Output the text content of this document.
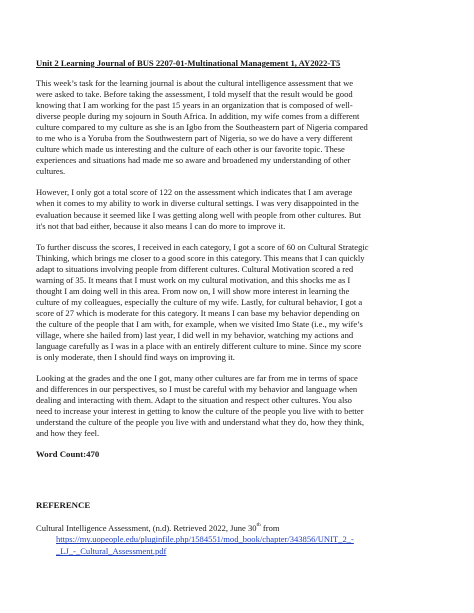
Unit 2 Learning Journal of BUS 2207-01-Multinational Management 1, AY2022-T5
This week’s task for the learning journal is about the cultural intelligence assessment that we
were asked to take. Before taking the assessment, I told myself that the result would be good
knowing that I am working for the past 15 years in an organization that is composed of well-
diverse people during my sojourn in South Africa. In addition, my wife comes from a different
culture compared to my culture as she is an Igbo from the Southeastern part of Nigeria compared
to me who is a Yoruba from the Southwestern part of Nigeria, so we do have a very different
culture which made us interesting and the culture of each other is our favorite topic. These
experiences and situations had made me so aware and broadened my understanding of other
cultures.
However, I only got a total score of 122 on the assessment which indicates that I am average
when it comes to my ability to work in diverse cultural settings. I was very disappointed in the
evaluation because it seemed like I was getting along well with people from other cultures. But
it's not that bad either, because it also means I can do more to improve it.
To further discuss the scores, I received in each category, I got a score of 60 on Cultural Strategic
Thinking, which brings me closer to a good score in this category. This means that I can quickly
adapt to situations involving people from different cultures. Cultural Motivation scored a red
warning of 35. It means that I must work on my cultural motivation, and this shocks me as I
thought I am doing well in this area. From now on, I will show more interest in learning the
culture of my colleagues, especially the culture of my wife. Lastly, for cultural behavior, I got a
score of 27 which is moderate for this category. It means I can base my behavior depending on
the culture of the people that I am with, for example, when we visited Imo State (i.e., my wife’s
village, where she hailed from) last year, I did well in my behavior, watching my actions and
language carefully as I was in a place with an entirely different culture to mine. Since my score
is only moderate, then I should find ways on improving it.
Looking at the grades and the one I got, many other cultures are far from me in terms of space
and differences in our perspectives, so I must be careful with my behavior and language when
dealing and interacting with them. Adapt to the situation and respect other cultures. You also
need to increase your interest in getting to know the culture of the people you live with to better
understand the culture of the people you live with and understand what they do, how they think,
and how they feel.
Word Count:470
REFERENCE
Cultural Intelligence Assessment, (n.d). Retrieved 2022, June 30th from
https://my.uopeople.edu/pluginfile.php/1584551/mod_book/chapter/343856/UNIT_2_-
_LJ_-_Cultural_Assessment.pdf
